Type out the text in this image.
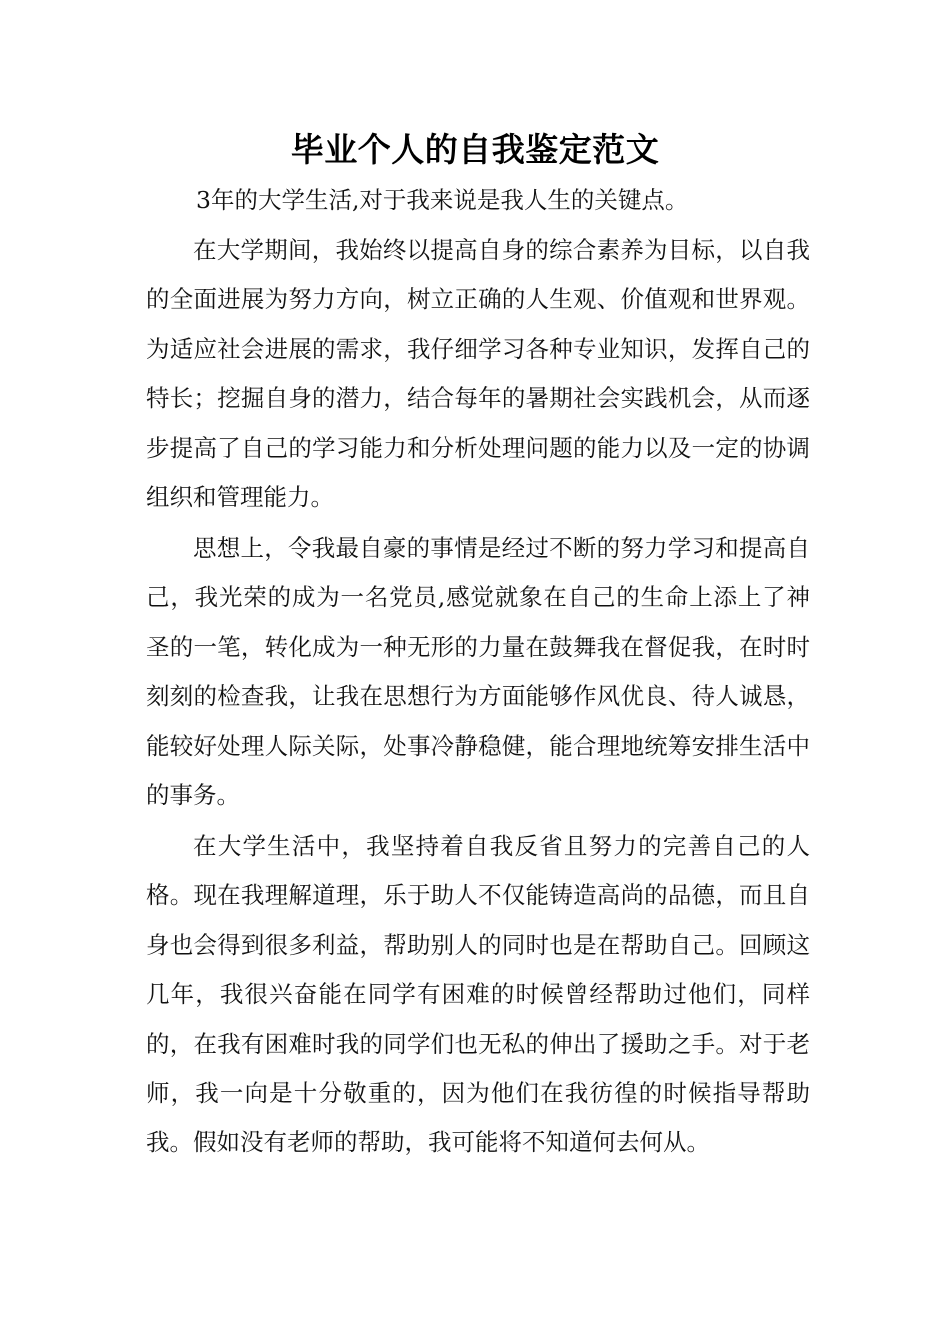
毕业个人的自我鉴定范文
3年的大学生活,对于我来说是我人生的关键点。

在大学期间，我始终以提高自身的综合素养为目标，以自我的全面进展为努力方向，树立正确的人生观、价值观和世界观。为适应社会进展的需求，我仔细学习各种专业知识，发挥自己的特长；挖掘自身的潜力，结合每年的暑期社会实践机会，从而逐步提高了自己的学习能力和分析处理问题的能力以及一定的协调组织和管理能力。

思想上，令我最自豪的事情是经过不断的努力学习和提高自己，我光荣的成为一名党员,感觉就象在自己的生命上添上了神圣的一笔，转化成为一种无形的力量在鼓舞我在督促我，在时时刻刻的检查我，让我在思想行为方面能够作风优良、待人诚恳，能较好处理人际关际，处事冷静稳健，能合理地统筹安排生活中的事务。

在大学生活中，我坚持着自我反省且努力的完善自己的人格。现在我理解道理，乐于助人不仅能铸造高尚的品德，而且自身也会得到很多利益，帮助别人的同时也是在帮助自己。回顾这几年，我很兴奋能在同学有困难的时候曾经帮助过他们，同样的，在我有困难时我的同学们也无私的伸出了援助之手。对于老师，我一向是十分敬重的，因为他们在我彷徨的时候指导帮助我。假如没有老师的帮助，我可能将不知道何去何从。
